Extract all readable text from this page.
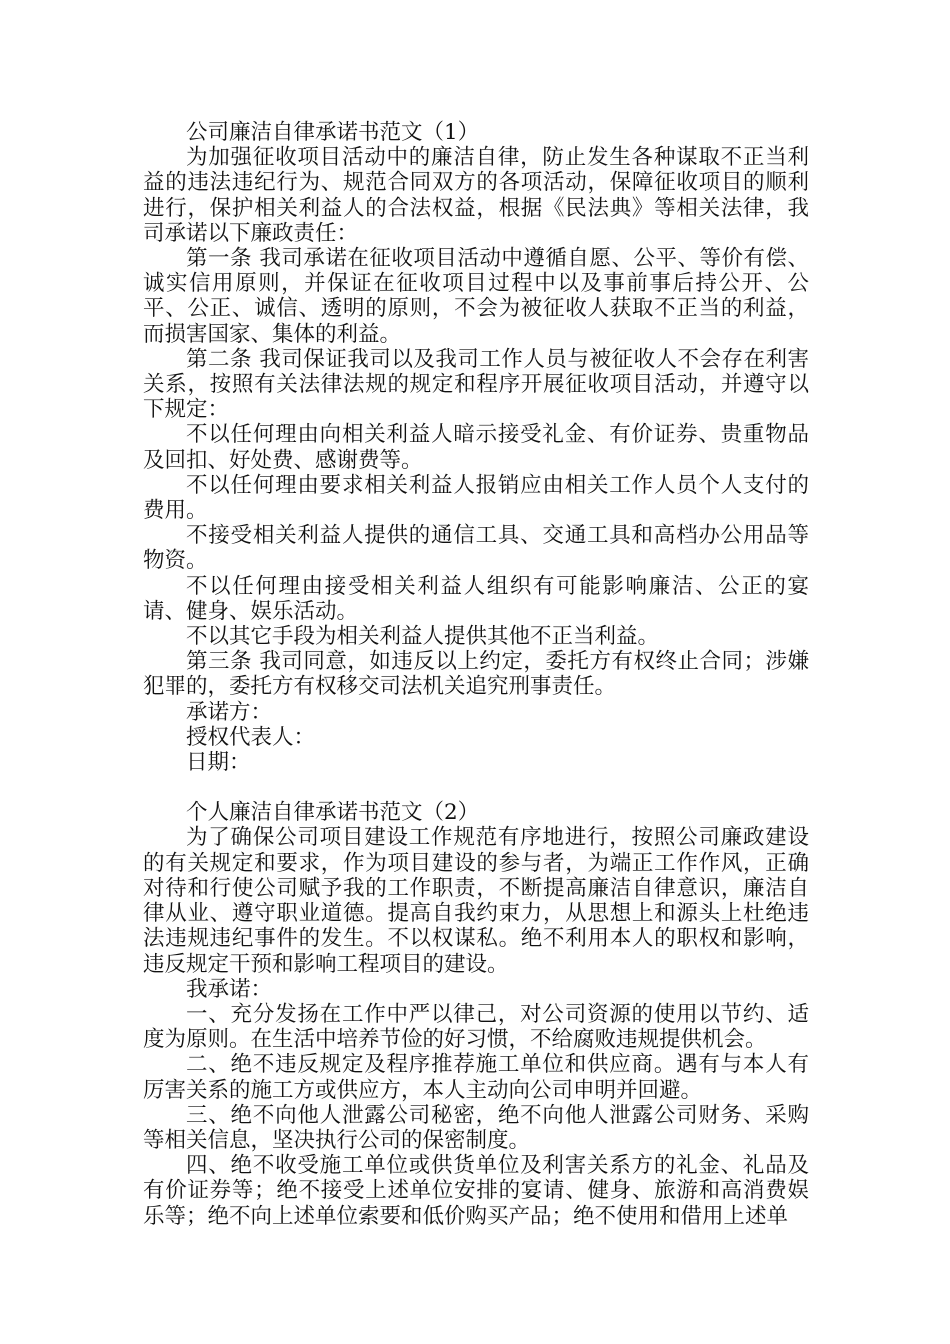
公司廉洁自律承诺书范文（1）

为加强征收项目活动中的廉洁自律，防止发生各种谋取不正当利益的违法违纪行为、规范合同双方的各项活动，保障征收项目的顺利进行，保护相关利益人的合法权益，根据《民法典》等相关法律，我司承诺以下廉政责任：

第一条 我司承诺在征收项目活动中遵循自愿、公平、等价有偿、诚实信用原则，并保证在征收项目过程中以及事前事后持公开、公平、公正、诚信、透明的原则，不会为被征收人获取不正当的利益，而损害国家、集体的利益。

第二条 我司保证我司以及我司工作人员与被征收人不会存在利害关系，按照有关法律法规的规定和程序开展征收项目活动，并遵守以下规定：

不以任何理由向相关利益人暗示接受礼金、有价证券、贵重物品及回扣、好处费、感谢费等。

不以任何理由要求相关利益人报销应由相关工作人员个人支付的费用。

不接受相关利益人提供的通信工具、交通工具和高档办公用品等物资。

不以任何理由接受相关利益人组织有可能影响廉洁、公正的宴请、健身、娱乐活动。

不以其它手段为相关利益人提供其他不正当利益。

第三条 我司同意，如违反以上约定，委托方有权终止合同；涉嫌犯罪的，委托方有权移交司法机关追究刑事责任。

承诺方：

授权代表人：

日期：

个人廉洁自律承诺书范文（2）

为了确保公司项目建设工作规范有序地进行，按照公司廉政建设的有关规定和要求，作为项目建设的参与者，为端正工作作风，正确对待和行使公司赋予我的工作职责，不断提高廉洁自律意识，廉洁自律从业、遵守职业道德。提高自我约束力，从思想上和源头上杜绝违法违规违纪事件的发生。不以权谋私。绝不利用本人的职权和影响，违反规定干预和影响工程项目的建设。

我承诺：

一、充分发扬在工作中严以律己，对公司资源的使用以节约、适度为原则。在生活中培养节俭的好习惯，不给腐败违规提供机会。

二、绝不违反规定及程序推荐施工单位和供应商。遇有与本人有厉害关系的施工方或供应方，本人主动向公司申明并回避。

三、绝不向他人泄露公司秘密，绝不向他人泄露公司财务、采购等相关信息，坚决执行公司的保密制度。

四、绝不收受施工单位或供货单位及利害关系方的礼金、礼品及有价证券等；绝不接受上述单位安排的宴请、健身、旅游和高消费娱乐等；绝不向上述单位索要和低价购买产品；绝不使用和借用上述单
